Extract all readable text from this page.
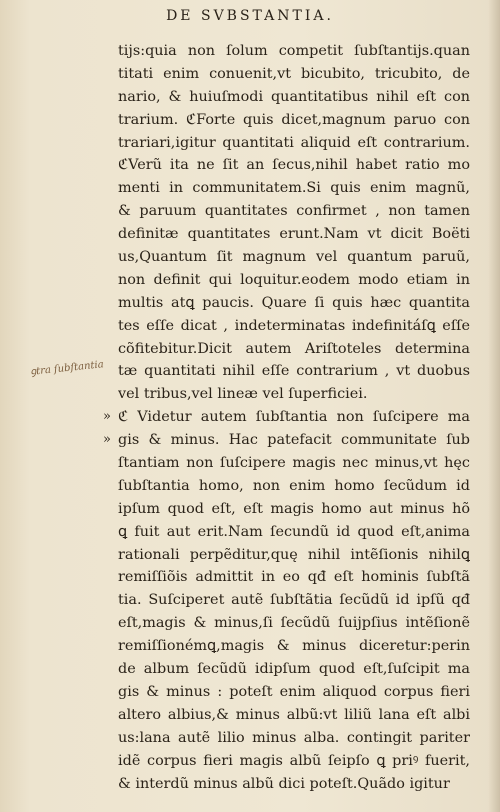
DE SVBSTANTIA.
ꝯtra ſubſtantia
»
»
tijs:quia non ſolum competit ſubſtantijs.quan
titati enim conuenit,vt bicubito, tricubito, de
nario, & huiuſmodi quantitatibus nihil eſt con
trarium. ℭForte quis dicet,magnum paruo con
trariari,igitur quantitati aliquid eſt contrarium.
ℭVerũ ita ne ſit an ſecus,nihil habet ratio mo
menti in communitatem.Si quis enim magnũ,
& paruum quantitates confirmet , non tamen
definitæ quantitates erunt.Nam vt dicit Boëti
us,Quantum ſit magnum vel quantum paruũ,
non definit qui loquitur.eodem modo etiam in
multis atꝗ paucis. Quare ſi quis hæc quantita
tes eſſe dicat , indeterminatas indefinitáſꝗ eſſe
cõfitebitur.Dicit autem Ariſtoteles determina
tæ quantitati nihil eſſe contrarium , vt duobus
vel tribus,vel lineæ vel ſuperficiei.
ℭ Videtur autem ſubſtantia non ſuſcipere ma
gis & minus. Hac patefacit communitate ſub
ſtantiam non ſuſcipere magis nec minus,vt hęc
ſubſtantia homo, non enim homo ſecũdum id
ipſum quod eſt, eſt magis homo aut minus hõ
ꝗ fuit aut erit.Nam ſecundũ id quod eſt,anima
rationali perpẽditur,quę nihil intẽſionis nihilꝗ
remiſſiõis admittit in eo qđ eſt hominis ſubſtã
tia. Suſciperet autẽ ſubſtãtia ſecũdũ id ipſũ qđ
eſt,magis & minus,ſi ſecũdũ ſuijpſius intẽſionẽ
remiſſionémꝗ,magis & minus diceretur:perin
de album ſecũdũ idipſum quod eſt,ſuſcipit ma
gis & minus : poteſt enim aliquod corpus fieri
altero albius,& minus albũ:vt liliũ lana eſt albi
us:lana autẽ lilio minus alba. contingit pariter
idẽ corpus fieri magis albũ ſeipſo ꝗ priꝰ fuerit,
& interdũ minus albũ dici poteſt.Quãdo igitur
